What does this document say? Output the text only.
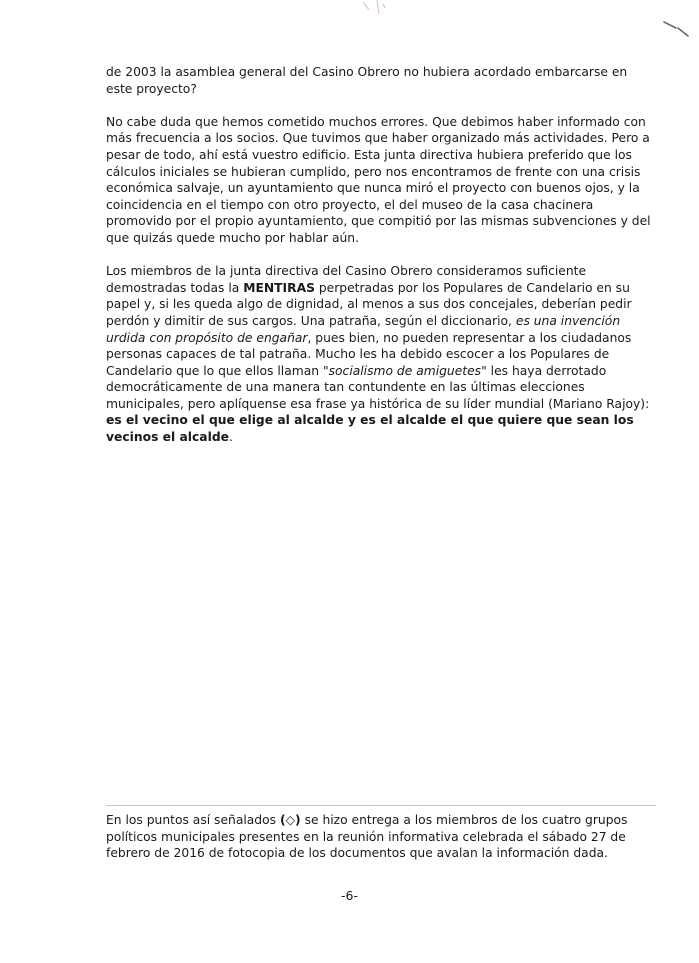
de 2003 la asamblea general del Casino Obrero no hubiera acordado embarcarse en este proyecto?

No cabe duda que hemos cometido muchos errores. Que debimos haber informado con más frecuencia a los socios. Que tuvimos que haber organizado más actividades. Pero a pesar de todo, ahí está vuestro edificio. Esta junta directiva hubiera preferido que los cálculos iniciales se hubieran cumplido, pero nos encontramos de frente con una crisis económica salvaje, un ayuntamiento que nunca miró el proyecto con buenos ojos, y la coincidencia en el tiempo con otro proyecto, el del museo de la casa chacinera promovido por el propio ayuntamiento, que compitió por las mismas subvenciones y del que quizás quede mucho por hablar aún.

Los miembros de la junta directiva del Casino Obrero consideramos suficiente demostradas todas la MENTIRAS perpetradas por los Populares de Candelario en su papel y, si les queda algo de dignidad, al menos a sus dos concejales, deberían pedir perdón y dimitir de sus cargos. Una patraña, según el diccionario, es una invención urdida con propósito de engañar, pues bien, no pueden representar a los ciudadanos personas capaces de tal patraña. Mucho les ha debido escocer a los Populares de Candelario que lo que ellos llaman "socialismo de amiguetes" les haya derrotado democráticamente de una manera tan contundente en las últimas elecciones municipales, pero aplíquense esa frase ya histórica de su líder mundial (Mariano Rajoy): es el vecino el que elige al alcalde y es el alcalde el que quiere que sean los vecinos el alcalde.

En los puntos así señalados (◇) se hizo entrega a los miembros de los cuatro grupos políticos municipales presentes en la reunión informativa celebrada el sábado 27 de febrero de 2016 de fotocopia de los documentos que avalan la información dada.

-6-
